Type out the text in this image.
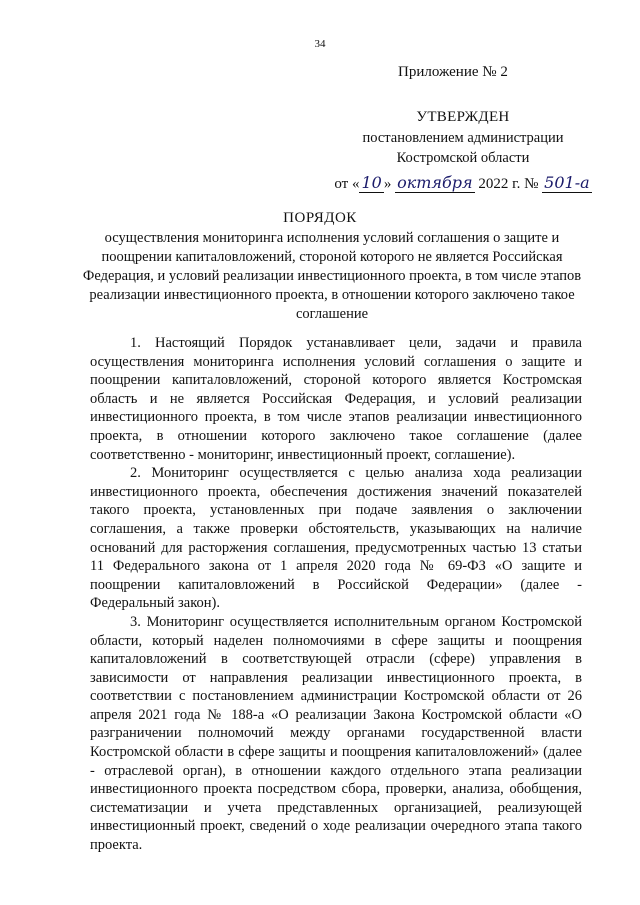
34
Приложение № 2
УТВЕРЖДЕН
постановлением администрации
Костромской области
от « 10 » октября 2022 г. № 501-а
ПОРЯДОК
осуществления мониторинга исполнения условий соглашения о защите и поощрении капиталовложений, стороной которого не является Российская Федерация, и условий реализации инвестиционного проекта, в том числе этапов реализации инвестиционного проекта, в отношении которого заключено такое соглашение

1. Настоящий Порядок устанавливает цели, задачи и правила осуществления мониторинга исполнения условий соглашения о защите и поощрении капиталовложений, стороной которого является Костромская область и не является Российская Федерация, и условий реализации инвестиционного проекта, в том числе этапов реализации инвестиционного проекта, в отношении которого заключено такое соглашение (далее соответственно - мониторинг, инвестиционный проект, соглашение).

2. Мониторинг осуществляется с целью анализа хода реализации инвестиционного проекта, обеспечения достижения значений показателей такого проекта, установленных при подаче заявления о заключении соглашения, а также проверки обстоятельств, указывающих на наличие оснований для расторжения соглашения, предусмотренных частью 13 статьи 11 Федерального закона от 1 апреля 2020 года № 69-ФЗ «О защите и поощрении капиталовложений в Российской Федерации» (далее - Федеральный закон).

3. Мониторинг осуществляется исполнительным органом Костромской области, который наделен полномочиями в сфере защиты и поощрения капиталовложений в соответствующей отрасли (сфере) управления в зависимости от направления реализации инвестиционного проекта, в соответствии с постановлением администрации Костромской области от 26 апреля 2021 года № 188-а «О реализации Закона Костромской области «О разграничении полномочий между органами государственной власти Костромской области в сфере защиты и поощрения капиталовложений» (далее - отраслевой орган), в отношении каждого отдельного этапа реализации инвестиционного проекта посредством сбора, проверки, анализа, обобщения, систематизации и учета представленных организацией, реализующей инвестиционный проект, сведений о ходе реализации очередного этапа такого проекта.
